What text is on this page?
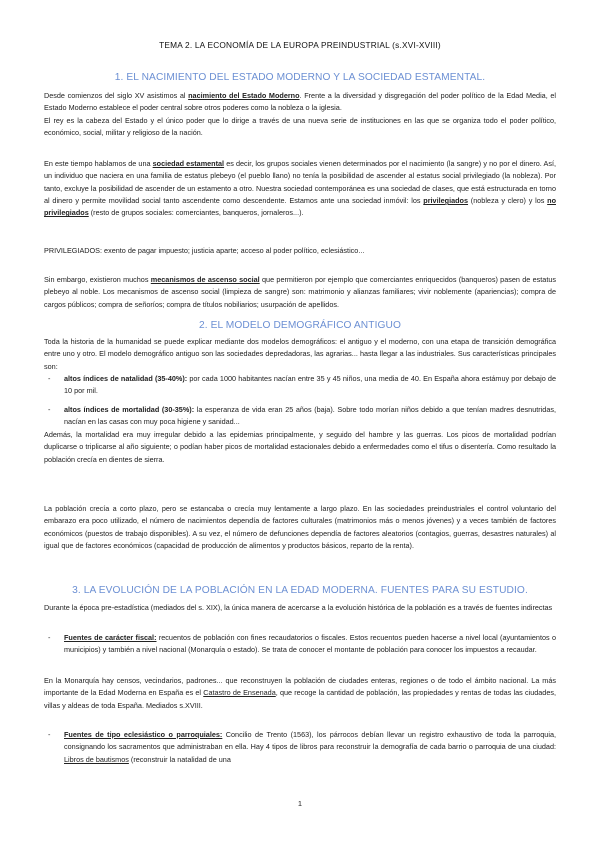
TEMA 2. LA ECONOMÍA DE LA EUROPA PREINDUSTRIAL (s.XVI-XVIII)
1. EL NACIMIENTO DEL ESTADO MODERNO Y LA SOCIEDAD ESTAMENTAL.
Desde comienzos del siglo XV asistimos al nacimiento del Estado Moderno. Frente a la diversidad y disgregación del poder político de la Edad Media, el Estado Moderno establece el poder central sobre otros poderes como la nobleza o la iglesia.
El rey es la cabeza del Estado y el único poder que lo dirige a través de una nueva serie de instituciones en las que se organiza todo el poder político, económico, social, militar y religioso de la nación.
En este tiempo hablamos de una sociedad estamental es decir, los grupos sociales vienen determinados por el nacimiento (la sangre) y no por el dinero. Así, un individuo que naciera en una familia de estatus plebeyo (el pueblo llano) no tenía la posibilidad de ascender al estatus social privilegiado (la nobleza). Por tanto, excluye la posibilidad de ascender de un estamento a otro. Nuestra sociedad contemporánea es una sociedad de clases, que está estructurada en torno al dinero y permite movilidad social tanto ascendente como descendente. Estamos ante una sociedad inmóvil: los privilegiados (nobleza y clero) y los no privilegiados (resto de grupos sociales: comerciantes, banqueros, jornaleros...).
PRIVILEGIADOS: exento de pagar impuesto; justicia aparte; acceso al poder político, eclesiástico...
Sin embargo, existieron muchos mecanismos de ascenso social que permitieron por ejemplo que comerciantes enriquecidos (banqueros) pasen de estatus plebeyo al noble. Los mecanismos de ascenso social (limpieza de sangre) son: matrimonio y alianzas familiares; vivir noblemente (apariencias); compra de cargos públicos; compra de señoríos; compra de títulos nobiliarios; usurpación de apellidos.
2. EL MODELO DEMOGRÁFICO ANTIGUO
Toda la historia de la humanidad se puede explicar mediante dos modelos demográficos: el antiguo y el moderno, con una etapa de transición demográfica entre uno y otro. El modelo demográfico antiguo son las sociedades depredadoras, las agrarias... hasta llegar a las industriales. Sus características principales son:
- altos índices de natalidad (35-40%): por cada 1000 habitantes nacían entre 35 y 45 niños, una media de 40. En España ahora estámuy por debajo de 10 por mil.
- altos índices de mortalidad (30-35%): la esperanza de vida eran 25 años (baja). Sobre todo morían niños debido a que tenían madres desnutridas, nacían en las casas con muy poca higiene y sanidad...
Además, la mortalidad era muy irregular debido a las epidemias principalmente, y seguido del hambre y las guerras. Los picos de mortalidad podrían duplicarse o triplicarse al año siguiente; o podían haber picos de mortalidad estacionales debido a enfermedades como el tifus o disentería. Como resultado la población crecía en dientes de sierra.
La población crecía a corto plazo, pero se estancaba o crecía muy lentamente a largo plazo. En las sociedades preindustriales el control voluntario del embarazo era poco utilizado, el número de nacimientos dependía de factores culturales (matrimonios más o menos jóvenes) y a veces también de factores económicos (puestos de trabajo disponibles). A su vez, el número de defunciones dependía de factores aleatorios (contagios, guerras, desastres naturales) al igual que de factores económicos (capacidad de producción de alimentos y productos básicos, reparto de la renta).
3. LA EVOLUCIÓN DE LA POBLACIÓN EN LA EDAD MODERNA. FUENTES PARA SU ESTUDIO.
Durante la época pre-estadística (mediados del s. XIX), la única manera de acercarse a la evolución histórica de la población es a través de fuentes indirectas
- Fuentes de carácter fiscal: recuentos de población con fines recaudatorios o fiscales. Estos recuentos pueden hacerse a nivel local (ayuntamientos o municipios) y también a nivel nacional (Monarquía o estado). Se trata de conocer el montante de población para conocer los impuestos a recaudar.
En la Monarquía hay censos, vecindarios, padrones... que reconstruyen la población de ciudades enteras, regiones o de todo el ámbito nacional. La más importante de la Edad Moderna en España es el Catastro de Ensenada, que recoge la cantidad de población, las propiedades y rentas de todas las ciudades, villas y aldeas de toda España. Mediados s.XVIII.
- Fuentes de tipo eclesiástico o parroquiales: Concilio de Trento (1563), los párrocos debían llevar un registro exhaustivo de toda la parroquia, consignando los sacramentos que administraban en ella. Hay 4 tipos de libros para reconstruir la demografía de cada barrio o parroquia de una ciudad: Libros de bautismos (reconstruir la natalidad de una
1
